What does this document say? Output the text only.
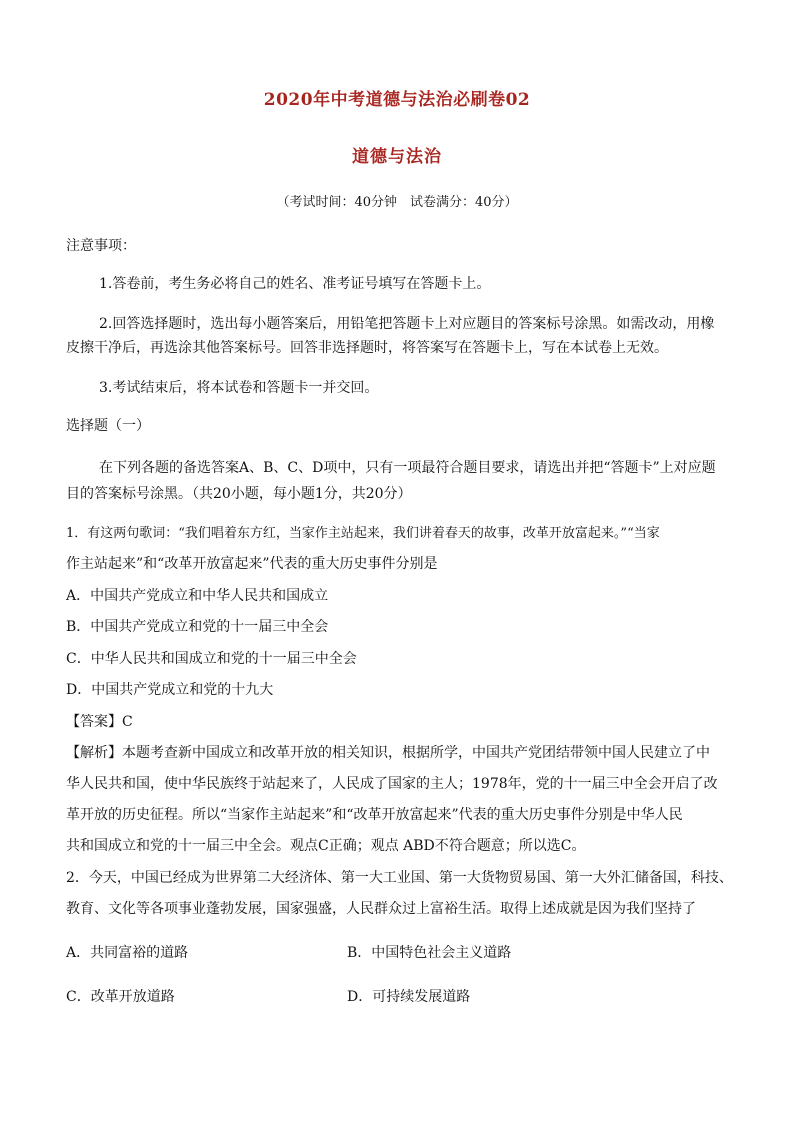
2020年中考道德与法治必刷卷02
道德与法治
（考试时间：40分钟　试卷满分：40分）
注意事项：
1.答卷前，考生务必将自己的姓名、准考证号填写在答题卡上。
2.回答选择题时，选出每小题答案后，用铅笔把答题卡上对应题目的答案标号涂黑。如需改动，用橡
皮擦干净后，再选涂其他答案标号。回答非选择题时，将答案写在答题卡上，写在本试卷上无效。
3.考试结束后，将本试卷和答题卡一并交回。
选择题（一）
在下列各题的备选答案A、B、C、D项中，只有一项最符合题目要求，请选出并把“答题卡”上对应题
目的答案标号涂黑。（共20小题，每小题1分，共20分）
1．有这两句歌词：“我们唱着东方红，当家作主站起来，我们讲着春天的故事，改革开放富起来。”“当家
作主站起来”和“改革开放富起来”代表的重大历史事件分别是
A．中国共产党成立和中华人民共和国成立
B．中国共产党成立和党的十一届三中全会
C．中华人民共和国成立和党的十一届三中全会
D．中国共产党成立和党的十九大
【答案】C
【解析】本题考查新中国成立和改革开放的相关知识，根据所学，中国共产党团结带领中国人民建立了中
华人民共和国，使中华民族终于站起来了，人民成了国家的主人；1978年，党的十一届三中全会开启了改
革开放的历史征程。所以“当家作主站起来”和“改革开放富起来”代表的重大历史事件分别是中华人民
共和国成立和党的十一届三中全会。观点C正确；观点 ABD不符合题意；所以选C。
2．今天，中国已经成为世界第二大经济体、第一大工业国、第一大货物贸易国、第一大外汇储备国，科技、
教育、文化等各项事业蓬勃发展，国家强盛，人民群众过上富裕生活。取得上述成就是因为我们坚持了
A．共同富裕的道路	B．中国特色社会主义道路
C．改革开放道路	D．可持续发展道路
